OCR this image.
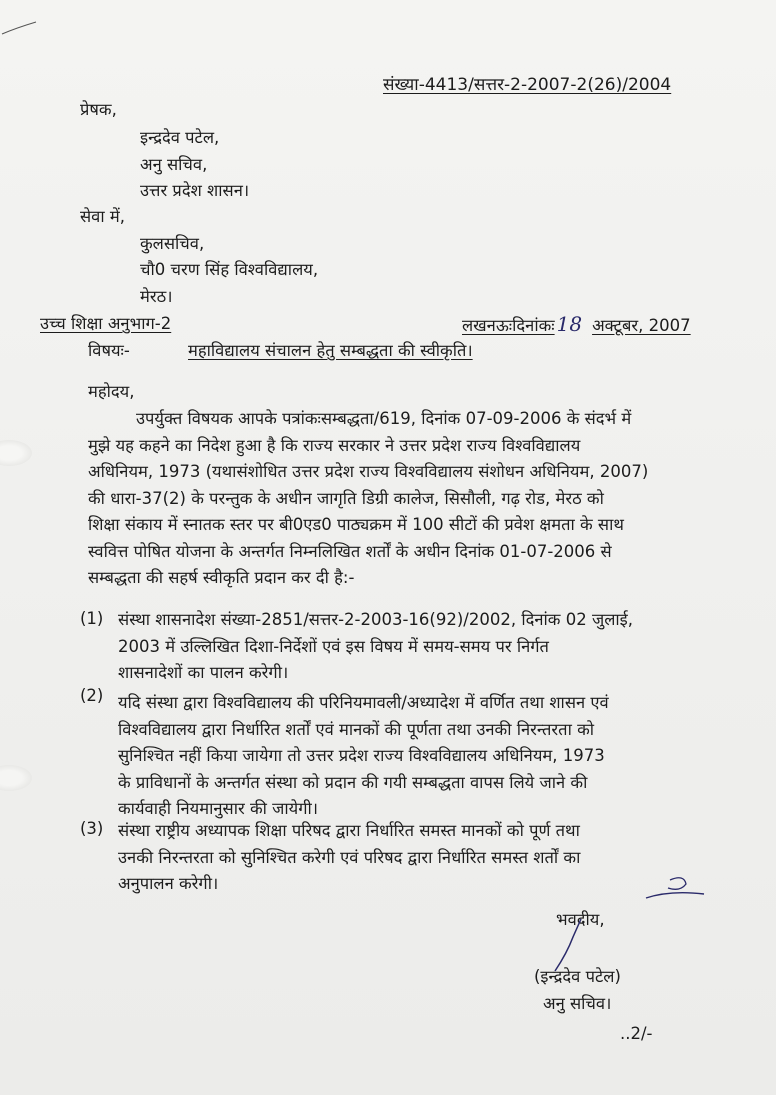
संख्या-4413/सत्तर-2-2007-2(26)/2004
प्रेषक,
इन्द्रदेव पटेल,
अनु सचिव,
उत्तर प्रदेश शासन।
सेवा में,
कुलसचिव,
चौ0 चरण सिंह विश्वविद्यालय,
मेरठ।
उच्च शिक्षा अनुभाग-2	लखनऊःदिनांकः 18 अक्टूबर, 2007
विषयः-	महाविद्यालय संचालन हेतु सम्बद्धता की स्वीकृति।
महोदय,
उपर्युक्त विषयक आपके पत्रांकःसम्बद्धता/619, दिनांक 07-09-2006 के संदर्भ में
मुझे यह कहने का निदेश हुआ है कि राज्य सरकार ने उत्तर प्रदेश राज्य विश्वविद्यालय
अधिनियम, 1973 (यथासंशोधित उत्तर प्रदेश राज्य विश्वविद्यालय संशोधन अधिनियम, 2007)
की धारा-37(2) के परन्तुक के अधीन जागृति डिग्री कालेज, सिसौली, गढ़ रोड, मेरठ को
शिक्षा संकाय में स्नातक स्तर पर बी0एड0 पाठ्यक्रम में 100 सीटों की प्रवेश क्षमता के साथ
स्ववित्त पोषित योजना के अन्तर्गत निम्नलिखित शर्तों के अधीन दिनांक 01-07-2006 से
सम्बद्धता की सहर्ष स्वीकृति प्रदान कर दी है:-
(1) संस्था शासनादेश संख्या-2851/सत्तर-2-2003-16(92)/2002, दिनांक 02 जुलाई,
2003 में उल्लिखित दिशा-निर्देशों एवं इस विषय में समय-समय पर निर्गत
शासनादेशों का पालन करेगी।
(2) यदि संस्था द्वारा विश्वविद्यालय की परिनियमावली/अध्यादेश में वर्णित तथा शासन एवं
विश्वविद्यालय द्वारा निर्धारित शर्तों एवं मानकों की पूर्णता तथा उनकी निरन्तरता को
सुनिश्चित नहीं किया जायेगा तो उत्तर प्रदेश राज्य विश्वविद्यालय अधिनियम, 1973
के प्राविधानों के अन्तर्गत संस्था को प्रदान की गयी सम्बद्धता वापस लिये जाने की
कार्यवाही नियमानुसार की जायेगी।
(3) संस्था राष्ट्रीय अध्यापक शिक्षा परिषद द्वारा निर्धारित समस्त मानकों को पूर्ण तथा
उनकी निरन्तरता को सुनिश्चित करेगी एवं परिषद द्वारा निर्धारित समस्त शर्तों का
अनुपालन करेगी।
भवदीय,
(इन्द्रदेव पटेल)
अनु सचिव।
..2/-
